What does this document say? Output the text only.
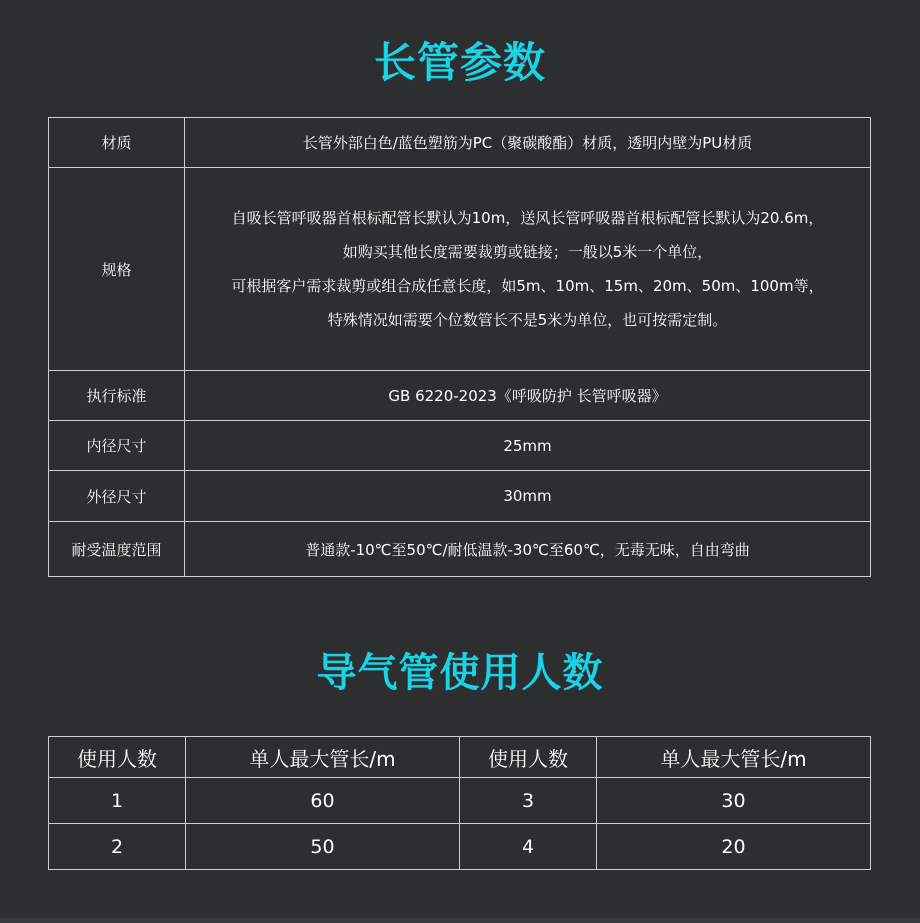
长管参数
材质	长管外部白色/蓝色塑筋为PC（聚碳酸酯）材质，透明内壁为PU材质
规格	自吸长管呼吸器首根标配管长默认为10m，送风长管呼吸器首根标配管长默认为20.6m，
如购买其他长度需要裁剪或链接；一般以5米一个单位，
可根据客户需求裁剪或组合成任意长度，如5m、10m、15m、20m、50m、100m等，
特殊情况如需要个位数管长不是5米为单位，也可按需定制。

执行标准	GB 6220-2023《呼吸防护 长管呼吸器》
内径尺寸	25mm
外径尺寸	30mm
耐受温度范围	普通款-10℃至50℃/耐低温款-30℃至60℃，无毒无味，自由弯曲
导气管使用人数
使用人数	单人最大管长/m	使用人数	单人最大管长/m
1	60	3	30
2	50	4	20
